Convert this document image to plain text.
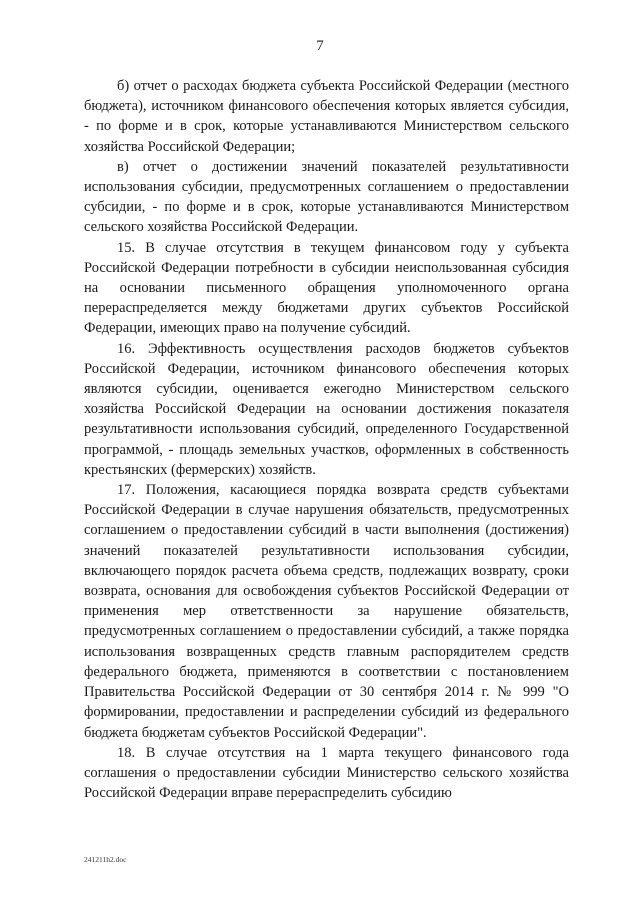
7

б) отчет о расходах бюджета субъекта Российской Федерации (местного бюджета), источником финансового обеспечения которых является субсидия, - по форме и в срок, которые устанавливаются Министерством сельского хозяйства Российской Федерации;

в) отчет о достижении значений показателей результативности использования субсидии, предусмотренных соглашением о предоставлении субсидии, - по форме и в срок, которые устанавливаются Министерством сельского хозяйства Российской Федерации.

15. В случае отсутствия в текущем финансовом году у субъекта Российской Федерации потребности в субсидии неиспользованная субсидия на основании письменного обращения уполномоченного органа перераспределяется между бюджетами других субъектов Российской Федерации, имеющих право на получение субсидий.

16. Эффективность осуществления расходов бюджетов субъектов Российской Федерации, источником финансового обеспечения которых являются субсидии, оценивается ежегодно Министерством сельского хозяйства Российской Федерации на основании достижения показателя результативности использования субсидий, определенного Государственной программой, - площадь земельных участков, оформленных в собственность крестьянских (фермерских) хозяйств.

17. Положения, касающиеся порядка возврата средств субъектами Российской Федерации в случае нарушения обязательств, предусмотренных соглашением о предоставлении субсидий в части выполнения (достижения) значений показателей результативности использования субсидии, включающего порядок расчета объема средств, подлежащих возврату, сроки возврата, основания для освобождения субъектов Российской Федерации от применения мер ответственности за нарушение обязательств, предусмотренных соглашением о предоставлении субсидий, а также порядка использования возвращенных средств главным распорядителем средств федерального бюджета, применяются в соответствии с постановлением Правительства Российской Федерации от 30 сентября 2014 г. № 999 "О формировании, предоставлении и распределении субсидий из федерального бюджета бюджетам субъектов Российской Федерации".

18. В случае отсутствия на 1 марта текущего финансового года соглашения о предоставлении субсидии Министерство сельского хозяйства Российской Федерации вправе перераспределить субсидию

241211h2.doc
